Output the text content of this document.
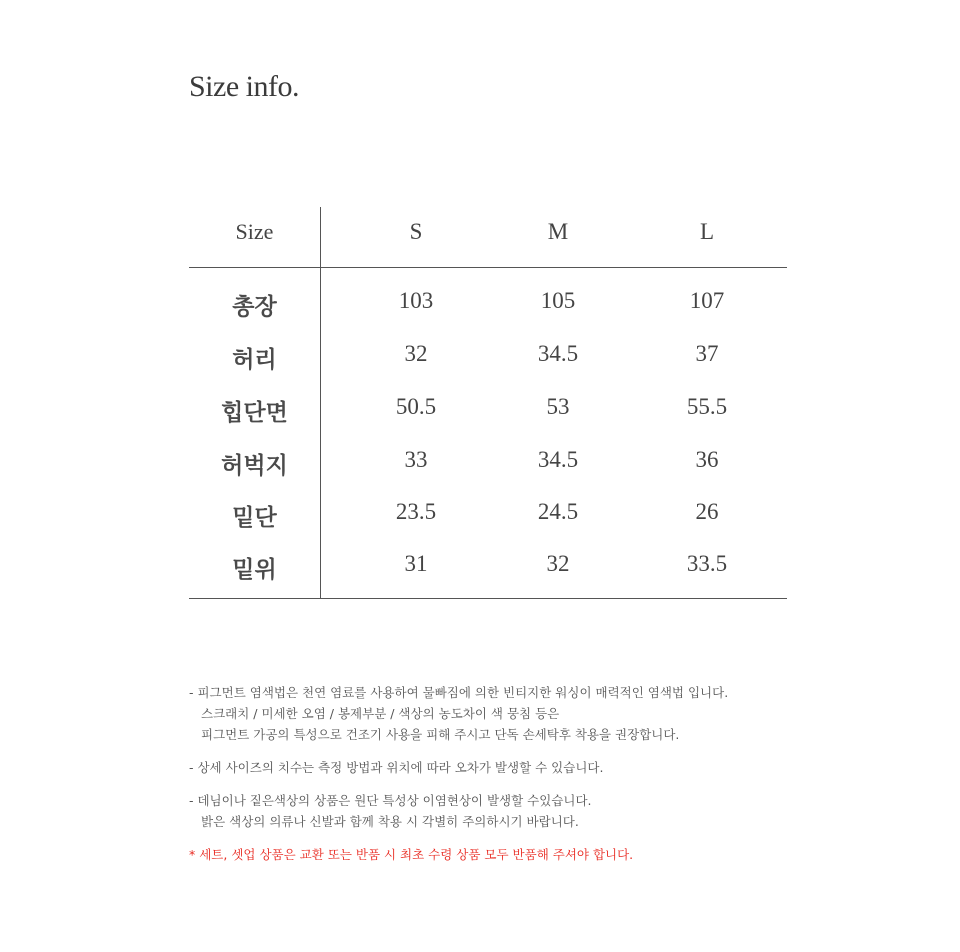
Size info.
Size	S	M	L
총장	103	105	107
허리	32	34.5	37
힙단면	50.5	53	55.5
허벅지	33	34.5	36
밑단	23.5	24.5	26
밑위	31	32	33.5
- 피그먼트 염색법은 천연 염료를 사용하여 물빠짐에 의한 빈티지한 워싱이 매력적인 염색법 입니다.
스크래치 / 미세한 오염 / 봉제부분 / 색상의 농도차이 색 뭉침 등은
피그먼트 가공의 특성으로 건조기 사용을 피해 주시고 단독 손세탁후 착용을 권장합니다.
- 상세 사이즈의 치수는 측정 방법과 위치에 따라 오차가 발생할 수 있습니다.
- 데님이나 짙은색상의 상품은 원단 특성상 이염현상이 발생할 수있습니다.
밝은 색상의 의류나 신발과 함께 착용 시 각별히 주의하시기 바랍니다.
* 세트, 셋업 상품은 교환 또는 반품 시 최초 수령 상품 모두 반품해 주셔야 합니다.
